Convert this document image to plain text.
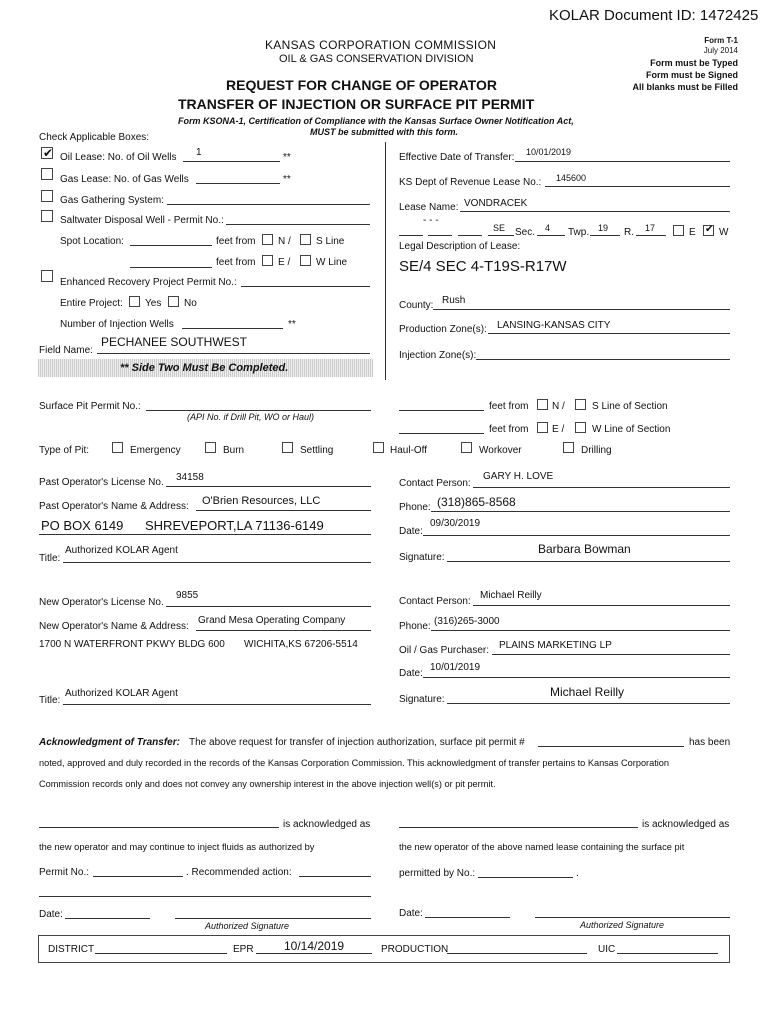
KOLAR Document ID: 1472425
KANSAS CORPORATION COMMISSION
OIL & GAS CONSERVATION DIVISION
REQUEST FOR CHANGE OF OPERATOR
TRANSFER OF INJECTION OR SURFACE PIT PERMIT
Form T-1
July 2014
Form must be Typed
Form must be Signed
All blanks must be Filled
Form KSONA-1, Certification of Compliance with the Kansas Surface Owner Notification Act,
MUST be submitted with this form.
Check Applicable Boxes:
✔ Oil Lease: No. of Oil Wells 1	**
Gas Lease: No. of Gas Wells	**
Gas Gathering System:
Saltwater Disposal Well - Permit No.:
Spot Location:	feet from N /	S Line
feet from E /	W Line
Enhanced Recovery Project Permit No.:
Entire Project: Yes No
Number of Injection Wells	**
Field Name:
PECHANEE SOUTHWEST
** Side Two Must Be Completed.
Effective Date of Transfer: 10/01/2019
KS Dept of Revenue Lease No.: 145600
Lease Name: VONDRACEK
- - -
SE Sec. 4 Twp. 19 R. 17	E ✔ W
Legal Description of Lease:
SE/4 SEC 4-T19S-R17W
County: Rush
Production Zone(s): LANSING-KANSAS CITY
Injection Zone(s):
Surface Pit Permit No.:
(API No. if Drill Pit, WO or Haul)
feet from N /	S Line of Section
feet from E /	W Line of Section
Type of Pit:	Emergency	Burn	Settling	Haul-Off	Workover	Drilling
Past Operator's License No. 34158
Past Operator's Name & Address: O'Brien Resources, LLC
PO BOX 6149 SHREVEPORT,LA 71136-6149
Title:
Authorized KOLAR Agent
Contact Person:
GARY H. LOVE
Phone: (318)865-8568
Date:
09/30/2019
Signature:
Barbara Bowman
New Operator's License No.
9855
New Operator's Name & Address:
Grand Mesa Operating Company
1700 N WATERFRONT PKWY BLDG 600 WICHITA,KS 67206-5514
Title:
Authorized KOLAR Agent
Contact Person:
Michael Reilly
Phone: (316)265-3000
Oil / Gas Purchaser: PLAINS MARKETING LP
Date:
10/01/2019
Signature:
Michael Reilly
Acknowledgment of Transfer: The above request for transfer of injection authorization, surface pit permit #	has been
noted, approved and duly recorded in the records of the Kansas Corporation Commission. This acknowledgment of transfer pertains to Kansas Corporation
Commission records only and does not convey any ownership interest in the above injection well(s) or pit permit.
is acknowledged as	is acknowledged as
the new operator and may continue to inject fluids as authorized by	the new operator of the above named lease containing the surface pit
Permit No.:	. Recommended action:	permitted by No.:	.
Date:
Authorized Signature
Date:
Authorized Signature
DISTRICT	EPR	10/14/2019	PRODUCTION	UIC
